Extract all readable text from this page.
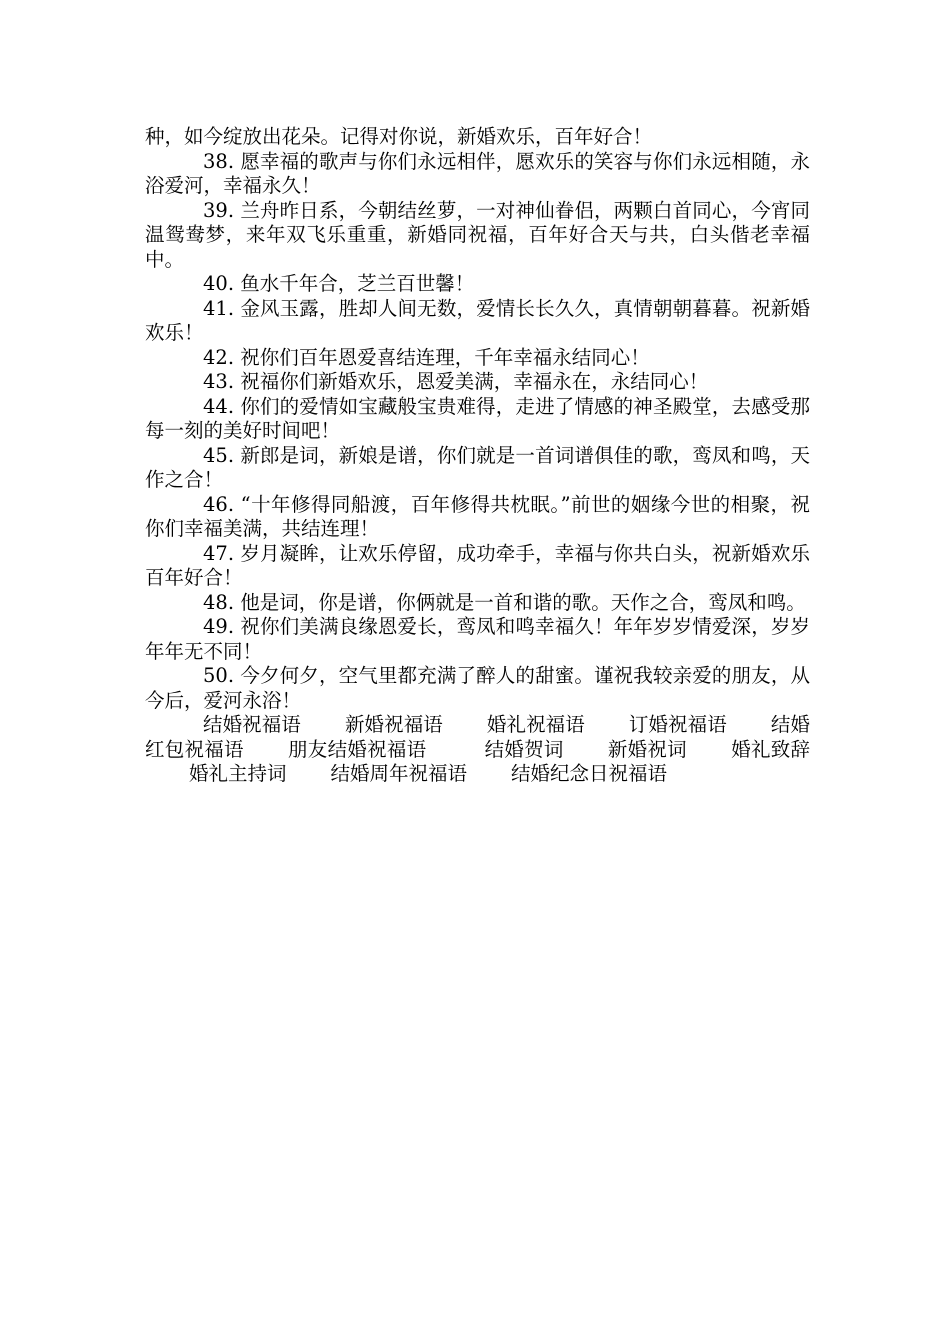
种，如今绽放出花朵。记得对你说，新婚欢乐，百年好合！

38. 愿幸福的歌声与你们永远相伴，愿欢乐的笑容与你们永远相随，永浴爱河，幸福永久！

39. 兰舟昨日系，今朝结丝萝，一对神仙眷侣，两颗白首同心，今宵同温鸳鸯梦，来年双飞乐重重，新婚同祝福，百年好合天与共，白头偕老幸福中。

40. 鱼水千年合，芝兰百世馨！

41. 金风玉露，胜却人间无数，爱情长长久久，真情朝朝暮暮。祝新婚欢乐！

42. 祝你们百年恩爱喜结连理，千年幸福永结同心！

43. 祝福你们新婚欢乐，恩爱美满，幸福永在，永结同心！

44. 你们的爱情如宝藏般宝贵难得，走进了情感的神圣殿堂，去感受那每一刻的美好时间吧！

45. 新郎是词，新娘是谱，你们就是一首词谱俱佳的歌，鸾凤和鸣，天作之合！

46. “十年修得同船渡，百年修得共枕眠。”前世的姻缘今世的相聚，祝你们幸福美满，共结连理！

47. 岁月凝眸，让欢乐停留，成功牵手，幸福与你共白头，祝新婚欢乐百年好合！

48. 他是词，你是谱，你俩就是一首和谐的歌。天作之合，鸾凤和鸣。

49. 祝你们美满良缘恩爱长，鸾凤和鸣幸福久！年年岁岁情爱深，岁岁年年无不同！

50. 今夕何夕，空气里都充满了醉人的甜蜜。谨祝我较亲爱的朋友，从今后，爱河永浴！

结婚祝福语 新婚祝福语 婚礼祝福语 订婚祝福语 结婚红包祝福语 朋友结婚祝福语	结婚贺词 新婚祝词 婚礼致辞婚礼主持词 结婚周年祝福语 结婚纪念日祝福语
